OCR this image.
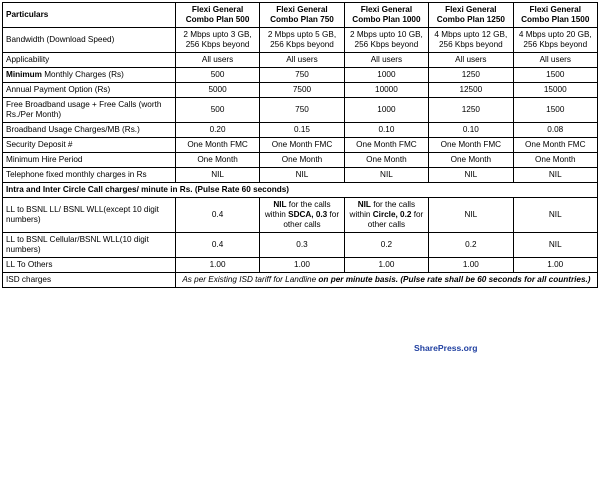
SharePress.org
Particulars	Flexi General Combo Plan 500	Flexi General Combo Plan 750	Flexi General Combo Plan 1000	Flexi General Combo Plan 1250	Flexi General Combo Plan 1500
Bandwidth (Download Speed)	2 Mbps upto 3 GB, 256 Kbps beyond	2 Mbps upto 5 GB, 256 Kbps beyond	2 Mbps upto 10 GB, 256 Kbps beyond	4 Mbps upto 12 GB, 256 Kbps beyond	4 Mbps upto 20 GB, 256 Kbps beyond
Applicability	All users	All users	All users	All users	All users
Minimum Monthly Charges (Rs)	500	750	1000	1250	1500
Annual Payment Option (Rs)	5000	7500	10000	12500	15000
Free Broadband usage + Free Calls (worth Rs./Per Month)	500	750	1000	1250	1500
Broadband Usage Charges/MB (Rs.)	0.20	0.15	0.10	0.10	0.08
Security Deposit #	One Month FMC	One Month FMC	One Month FMC	One Month FMC	One Month FMC
Minimum Hire Period	One Month	One Month	One Month	One Month	One Month
Telephone fixed monthly charges in Rs	NIL	NIL	NIL	NIL	NIL
Intra and Inter Circle Call charges/ minute in Rs. (Pulse Rate 60 seconds)					
LL to BSNL LL/ BSNL WLL(except 10 digit numbers)	0.4	NIL for the calls within SDCA, 0.3 for other calls	NIL for the calls within Circle, 0.2 for other calls	NIL	NIL
LL to BSNL Cellular/BSNL WLL(10 digit numbers)	0.4	0.3	0.2	0.2	NIL
LL To Others	1.00	1.00	1.00	1.00	1.00
ISD charges	As per Existing ISD tariff for Landline on per minute basis. (Pulse rate shall be 60 seconds for all countries.)				
